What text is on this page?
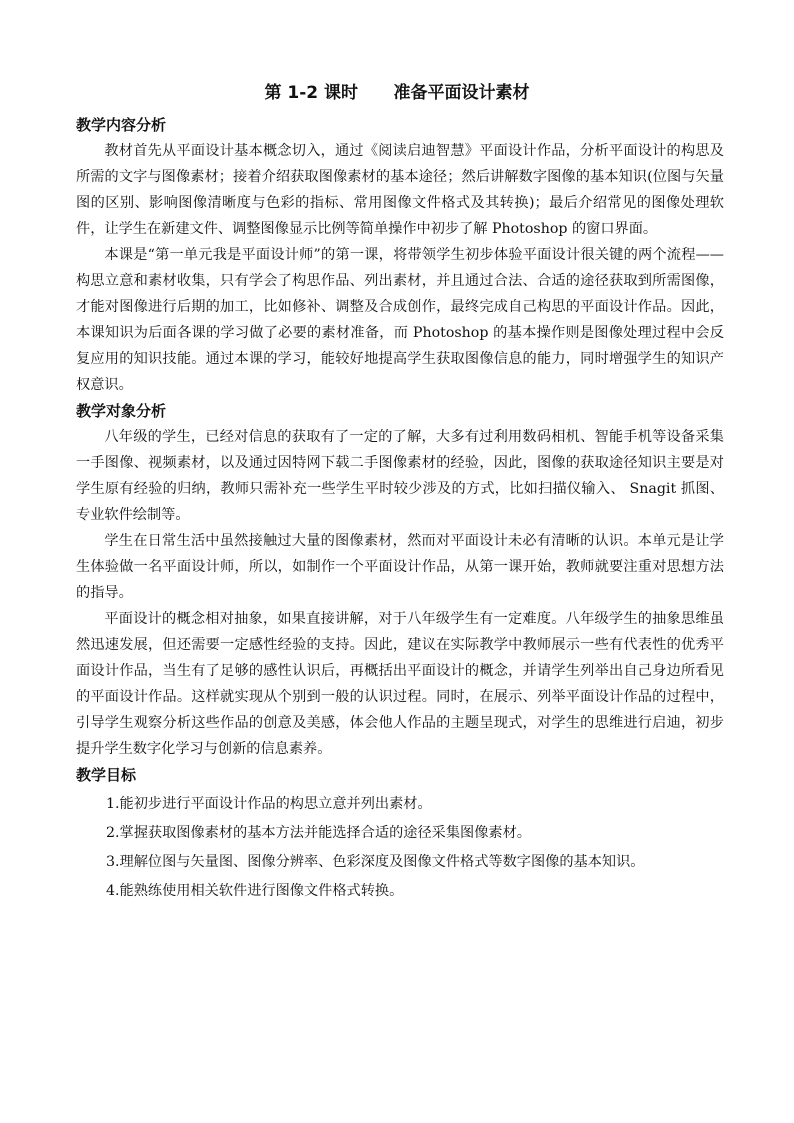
第 1-2 课时      准备平面设计素材
教学内容分析

教材首先从平面设计基本概念切入，通过《阅读启迪智慧》平面设计作品，分析平面设计的构思及所需的文字与图像素材；接着介绍获取图像素材的基本途径；然后讲解数字图像的基本知识(位图与矢量图的区别、影响图像清晰度与色彩的指标、常用图像文件格式及其转换)；最后介绍常见的图像处理软件，让学生在新建文件、调整图像显示比例等简单操作中初步了解 Photoshop 的窗口界面。

本课是“第一单元我是平面设计师”的第一课，将带领学生初步体验平面设计很关键的两个流程——构思立意和素材收集，只有学会了构思作品、列出素材，并且通过合法、合适的途径获取到所需图像，才能对图像进行后期的加工，比如修补、调整及合成创作，最终完成自己构思的平面设计作品。因此，本课知识为后面各课的学习做了必要的素材准备，而 Photoshop 的基本操作则是图像处理过程中会反复应用的知识技能。通过本课的学习，能较好地提高学生获取图像信息的能力，同时增强学生的知识产权意识。

教学对象分析

八年级的学生，已经对信息的获取有了一定的了解，大多有过利用数码相机、智能手机等设备采集一手图像、视频素材，以及通过因特网下载二手图像素材的经验，因此，图像的获取途径知识主要是对学生原有经验的归纳，教师只需补充一些学生平时较少涉及的方式，比如扫描仪输入、 Snagit 抓图、专业软件绘制等。

学生在日常生活中虽然接触过大量的图像素材，然而对平面设计未必有清晰的认识。本单元是让学生体验做一名平面设计师，所以，如制作一个平面设计作品，从第一课开始，教师就要注重对思想方法的指导。

平面设计的概念相对抽象，如果直接讲解，对于八年级学生有一定难度。八年级学生的抽象思维虽然迅速发展，但还需要一定感性经验的支持。因此，建议在实际教学中教师展示一些有代表性的优秀平面设计作品，当生有了足够的感性认识后，再概括出平面设计的概念，并请学生列举出自己身边所看见的平面设计作品。这样就实现从个别到一般的认识过程。同时，在展示、列举平面设计作品的过程中，引导学生观察分析这些作品的创意及美感，体会他人作品的主题呈现式，对学生的思维进行启迪，初步提升学生数字化学习与创新的信息素养。

教学目标

1.能初步进行平面设计作品的构思立意并列出素材。

2.掌握获取图像素材的基本方法并能选择合适的途径采集图像素材。

3.理解位图与矢量图、图像分辨率、色彩深度及图像文件格式等数字图像的基本知识。

4.能熟练使用相关软件进行图像文件格式转换。
